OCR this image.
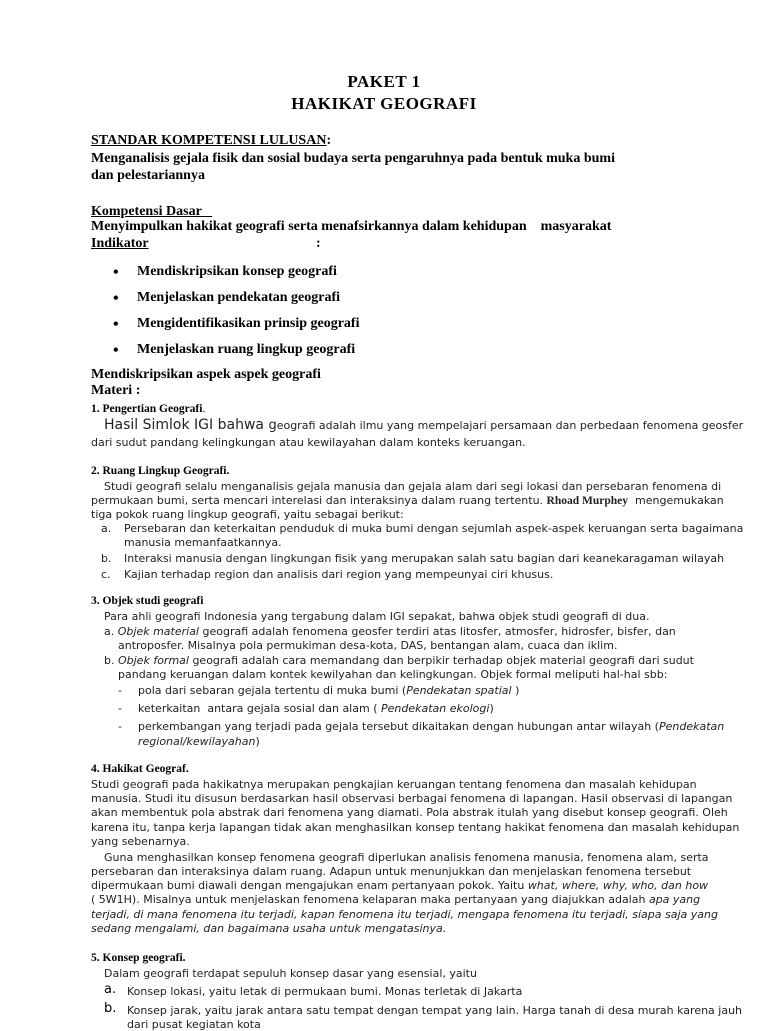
PAKET 1
HAKIKAT GEOGRAFI
STANDAR KOMPETENSI LULUSAN:
Menganalisis gejala fisik dan sosial budaya serta pengaruhnya pada bentuk muka bumi
dan pelestariannya
Kompetensi Dasar
Menyimpulkan hakikat geografi serta menafsirkannya dalam kehidupan    masyarakat
Indikator	:
• Mendiskripsikan konsep geografi
• Menjelaskan pendekatan geografi
• Mengidentifikasikan prinsip geografi
• Menjelaskan ruang lingkup geografi
Mendiskripsikan aspek aspek geografi
Materi :
1. Pengertian Geografi.
Hasil Simlok IGI bahwa geografi adalah ilmu yang mempelajari persamaan dan perbedaan fenomena geosfer
dari sudut pandang kelingkungan atau kewilayahan dalam konteks keruangan.
2. Ruang Lingkup Geografi.
Studi geografi selalu menganalisis gejala manusia dan gejala alam dari segi lokasi dan persebaran fenomena di
permukaan bumi, serta mencari interelasi dan interaksinya dalam ruang tertentu. Rhoad Murphey  mengemukakan
tiga pokok ruang lingkup geografi, yaitu sebagai berikut:
a. Persebaran dan keterkaitan penduduk di muka bumi dengan sejumlah aspek-aspek keruangan serta bagaimana
manusia memanfaatkannya.
b. Interaksi manusia dengan lingkungan fisik yang merupakan salah satu bagian dari keanekaragaman wilayah
c. Kajian terhadap region dan analisis dari region yang mempeunyai ciri khusus.
3. Objek studi geografi
Para ahli geografi Indonesia yang tergabung dalam IGI sepakat, bahwa objek studi geografi di dua.
a. Objek material geografi adalah fenomena geosfer terdiri atas litosfer, atmosfer, hidrosfer, bisfer, dan
antroposfer. Misalnya pola permukiman desa-kota, DAS, bentangan alam, cuaca dan iklim.
b. Objek formal geografi adalah cara memandang dan berpikir terhadap objek material geografi dari sudut
pandang keruangan dalam kontek kewilyahan dan kelingkungan. Objek formal meliputi hal-hal sbb:
- pola dari sebaran gejala tertentu di muka bumi (Pendekatan spatial )
- keterkaitan  antara gejala sosial dan alam ( Pendekatan ekologi)
- perkembangan yang terjadi pada gejala tersebut dikaitakan dengan hubungan antar wilayah (Pendekatan
regional/kewilayahan)
4. Hakikat Geograf.
Studi geografi pada hakikatnya merupakan pengkajian keruangan tentang fenomena dan masalah kehidupan
manusia. Studi itu disusun berdasarkan hasil observasi berbagai fenomena di lapangan. Hasil observasi di lapangan
akan membentuk pola abstrak dari fenomena yang diamati. Pola abstrak itulah yang disebut konsep geografi. Oleh
karena itu, tanpa kerja lapangan tidak akan menghasilkan konsep tentang hakikat fenomena dan masalah kehidupan
yang sebenarnya.
Guna menghasilkan konsep fenomena geografi diperlukan analisis fenomena manusia, fenomena alam, serta
persebaran dan interaksinya dalam ruang. Adapun untuk menunjukkan dan menjelaskan fenomena tersebut
dipermukaan bumi diawali dengan mengajukan enam pertanyaan pokok. Yaitu what, where, why, who, dan how
( 5W1H). Misalnya untuk menjelaskan fenomena kelaparan maka pertanyaan yang diajukkan adalah apa yang
terjadi, di mana fenomena itu terjadi, kapan fenomena itu terjadi, mengapa fenomena itu terjadi, siapa saja yang
sedang mengalami, dan bagaimana usaha untuk mengatasinya.
5. Konsep geografi.
Dalam geografi terdapat sepuluh konsep dasar yang esensial, yaitu
a. Konsep lokasi, yaitu letak di permukaan bumi. Monas terletak di Jakarta
b. Konsep jarak, yaitu jarak antara satu tempat dengan tempat yang lain. Harga tanah di desa murah karena jauh
dari pusat kegiatan kota
